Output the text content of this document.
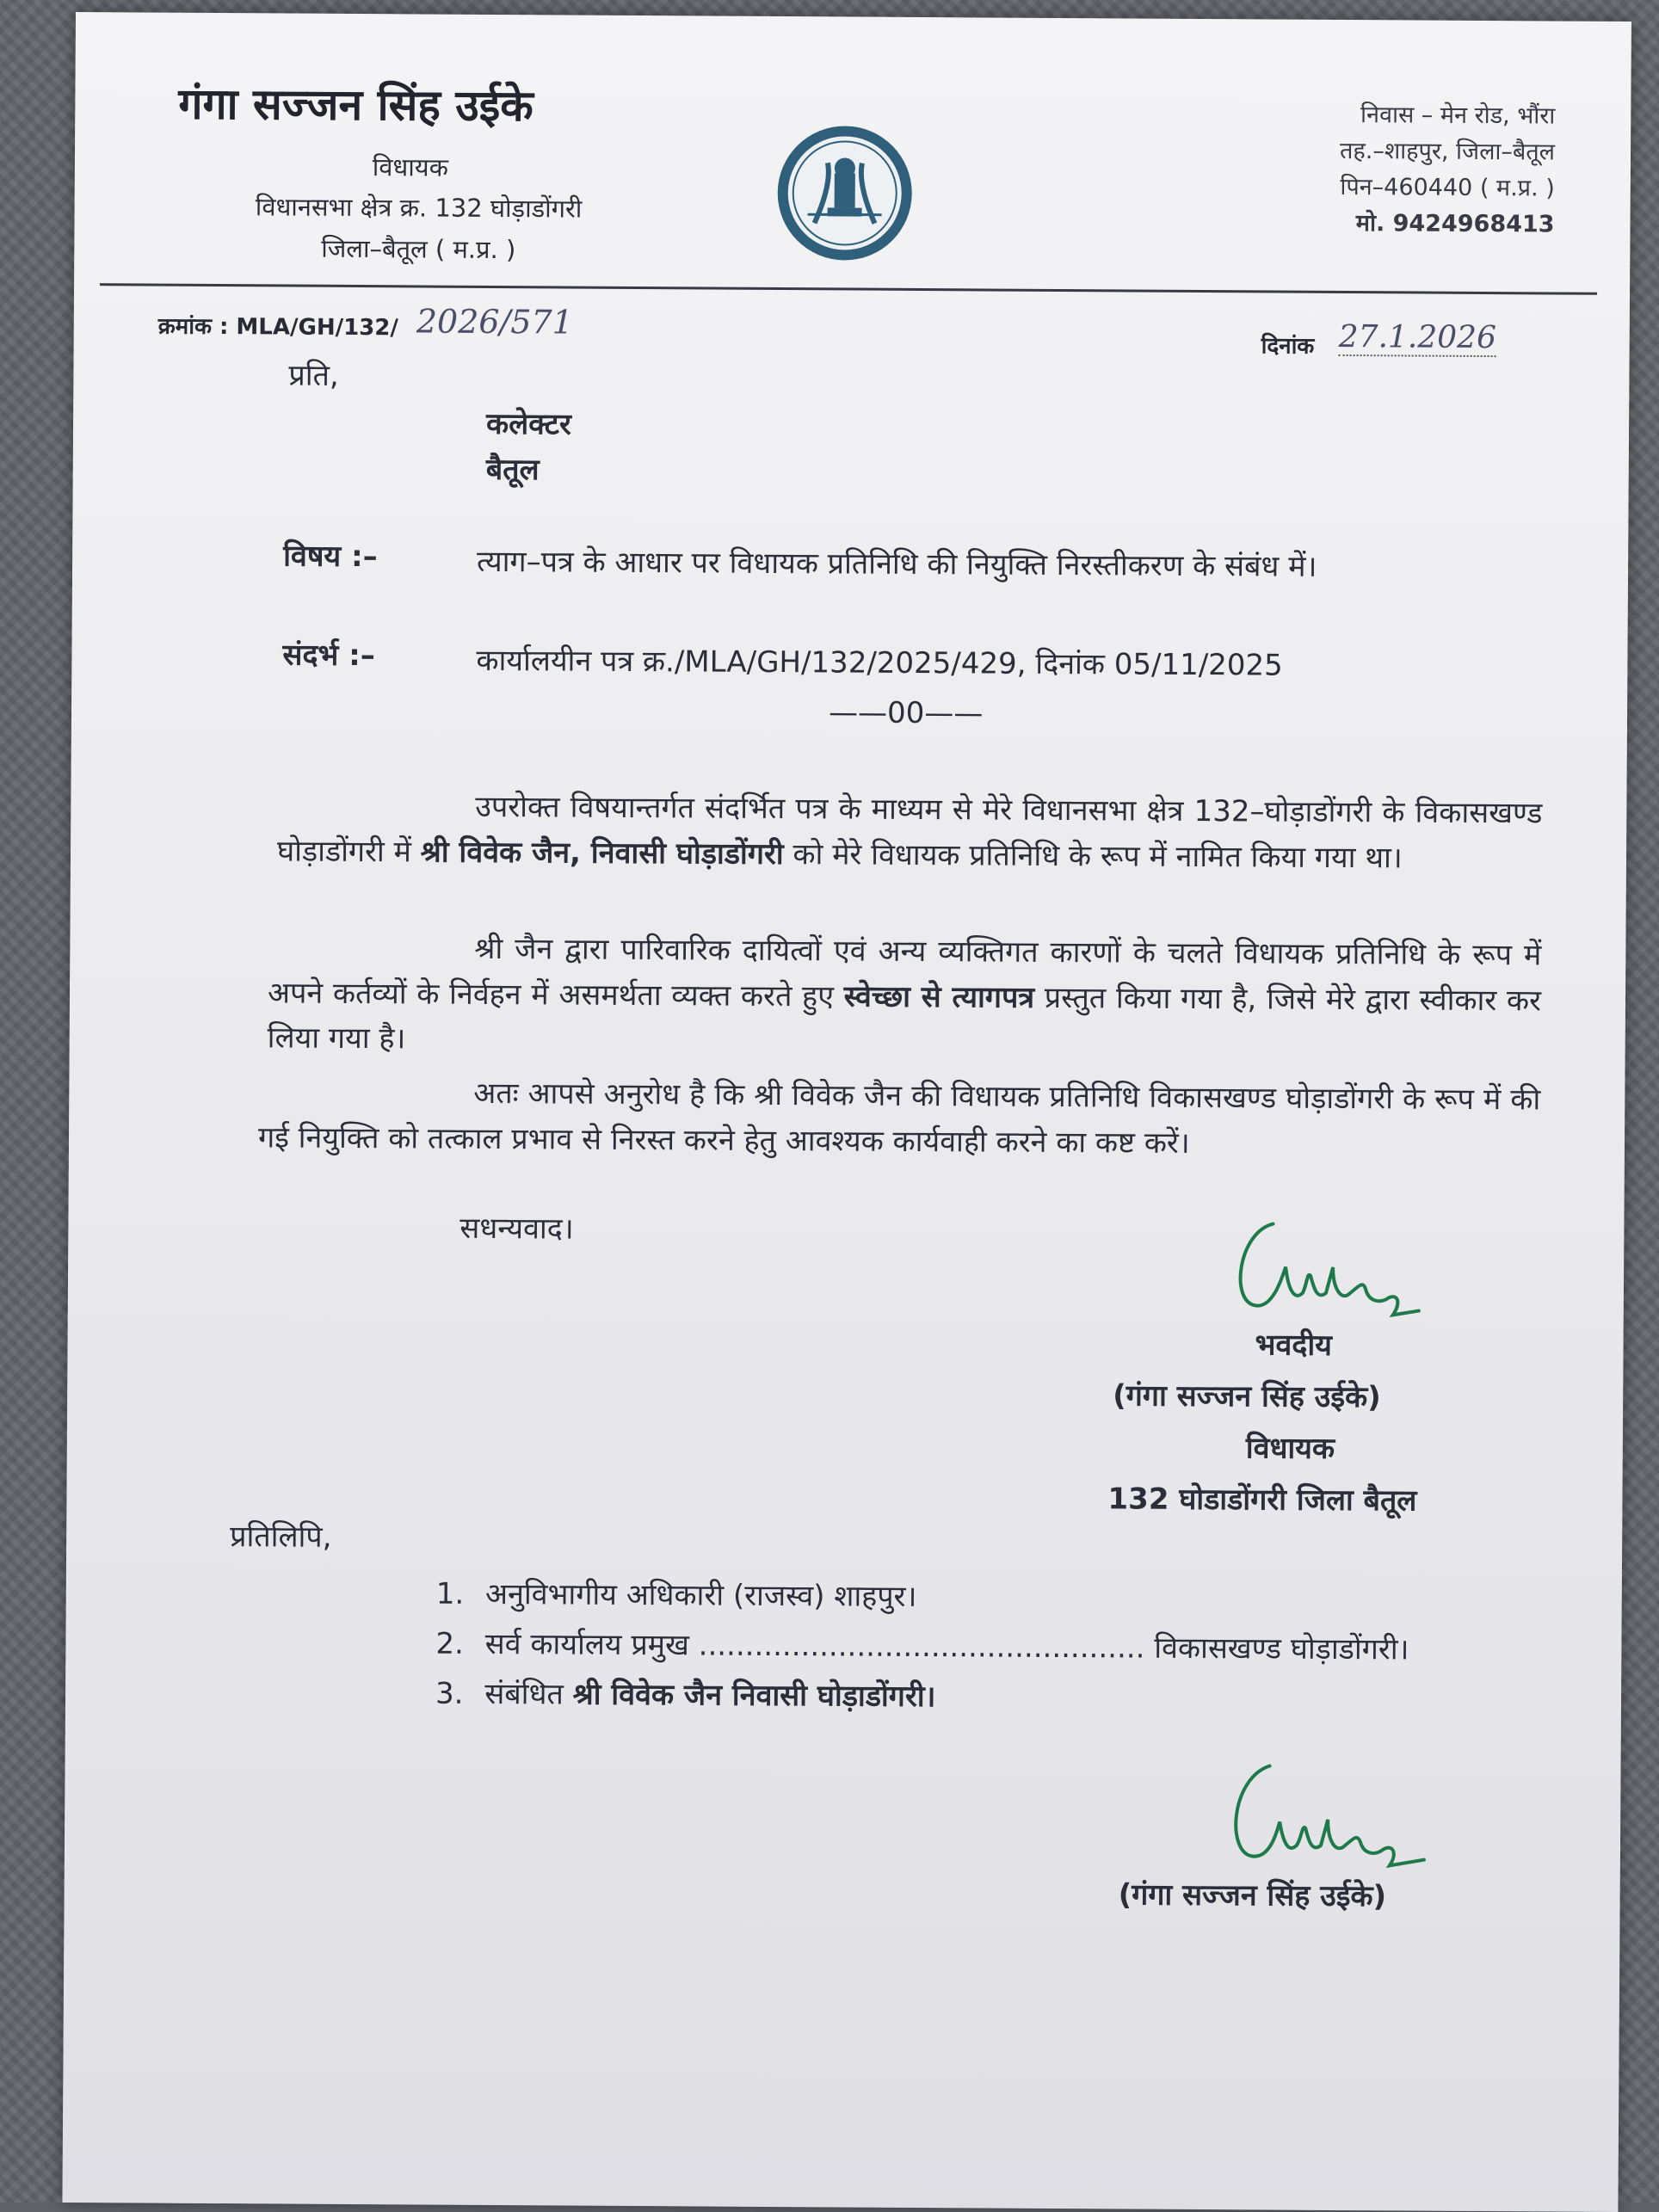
गंगा सज्जन सिंह उईके
विधायक
विधानसभा क्षेत्र क्र. 132 घोड़ाडोंगरी
जिला–बैतूल ( म.प्र. )
निवास – मेन रोड, भौंरा
तह.–शाहपुर, जिला–बैतूल
पिन–460440 ( म.प्र. )
मो. 9424968413
क्रमांक : MLA/GH/132/ 2026/571
दिनांक 27.1.2026
प्रति,
कलेक्टर
बैतूल
विषय :–	त्याग–पत्र के आधार पर विधायक प्रतिनिधि की नियुक्ति निरस्तीकरण के संबंध में।
संदर्भ :–	कार्यालयीन पत्र क्र./MLA/GH/132/2025/429, दिनांक 05/11/2025
——00——
उपरोक्त विषयान्तर्गत संदर्भित पत्र के माध्यम से मेरे विधानसभा क्षेत्र 132–घोड़ाडोंगरी के विकासखण्ड घोड़ाडोंगरी में श्री विवेक जैन, निवासी घोड़ाडोंगरी को मेरे विधायक प्रतिनिधि के रूप में नामित किया गया था।
श्री जैन द्वारा पारिवारिक दायित्वों एवं अन्य व्यक्तिगत कारणों के चलते विधायक प्रतिनिधि के रूप में अपने कर्तव्यों के निर्वहन में असमर्थता व्यक्त करते हुए स्वेच्छा से त्यागपत्र प्रस्तुत किया गया है, जिसे मेरे द्वारा स्वीकार कर लिया गया है।
अतः आपसे अनुरोध है कि श्री विवेक जैन की विधायक प्रतिनिधि विकासखण्ड घोड़ाडोंगरी के रूप में की गई नियुक्ति को तत्काल प्रभाव से निरस्त करने हेतु आवश्यक कार्यवाही करने का कष्ट करें।
सधन्यवाद।
भवदीय
(गंगा सज्जन सिंह उईके)
विधायक
132 घोडाडोंगरी जिला बैतूल
प्रतिलिपि,
1. अनुविभागीय अधिकारी (राजस्व) शाहपुर।
2. सर्व कार्यालय प्रमुख ................................................ विकासखण्ड घोड़ाडोंगरी।
3. संबंधित श्री विवेक जैन निवासी घोड़ाडोंगरी।
(गंगा सज्जन सिंह उईके)
